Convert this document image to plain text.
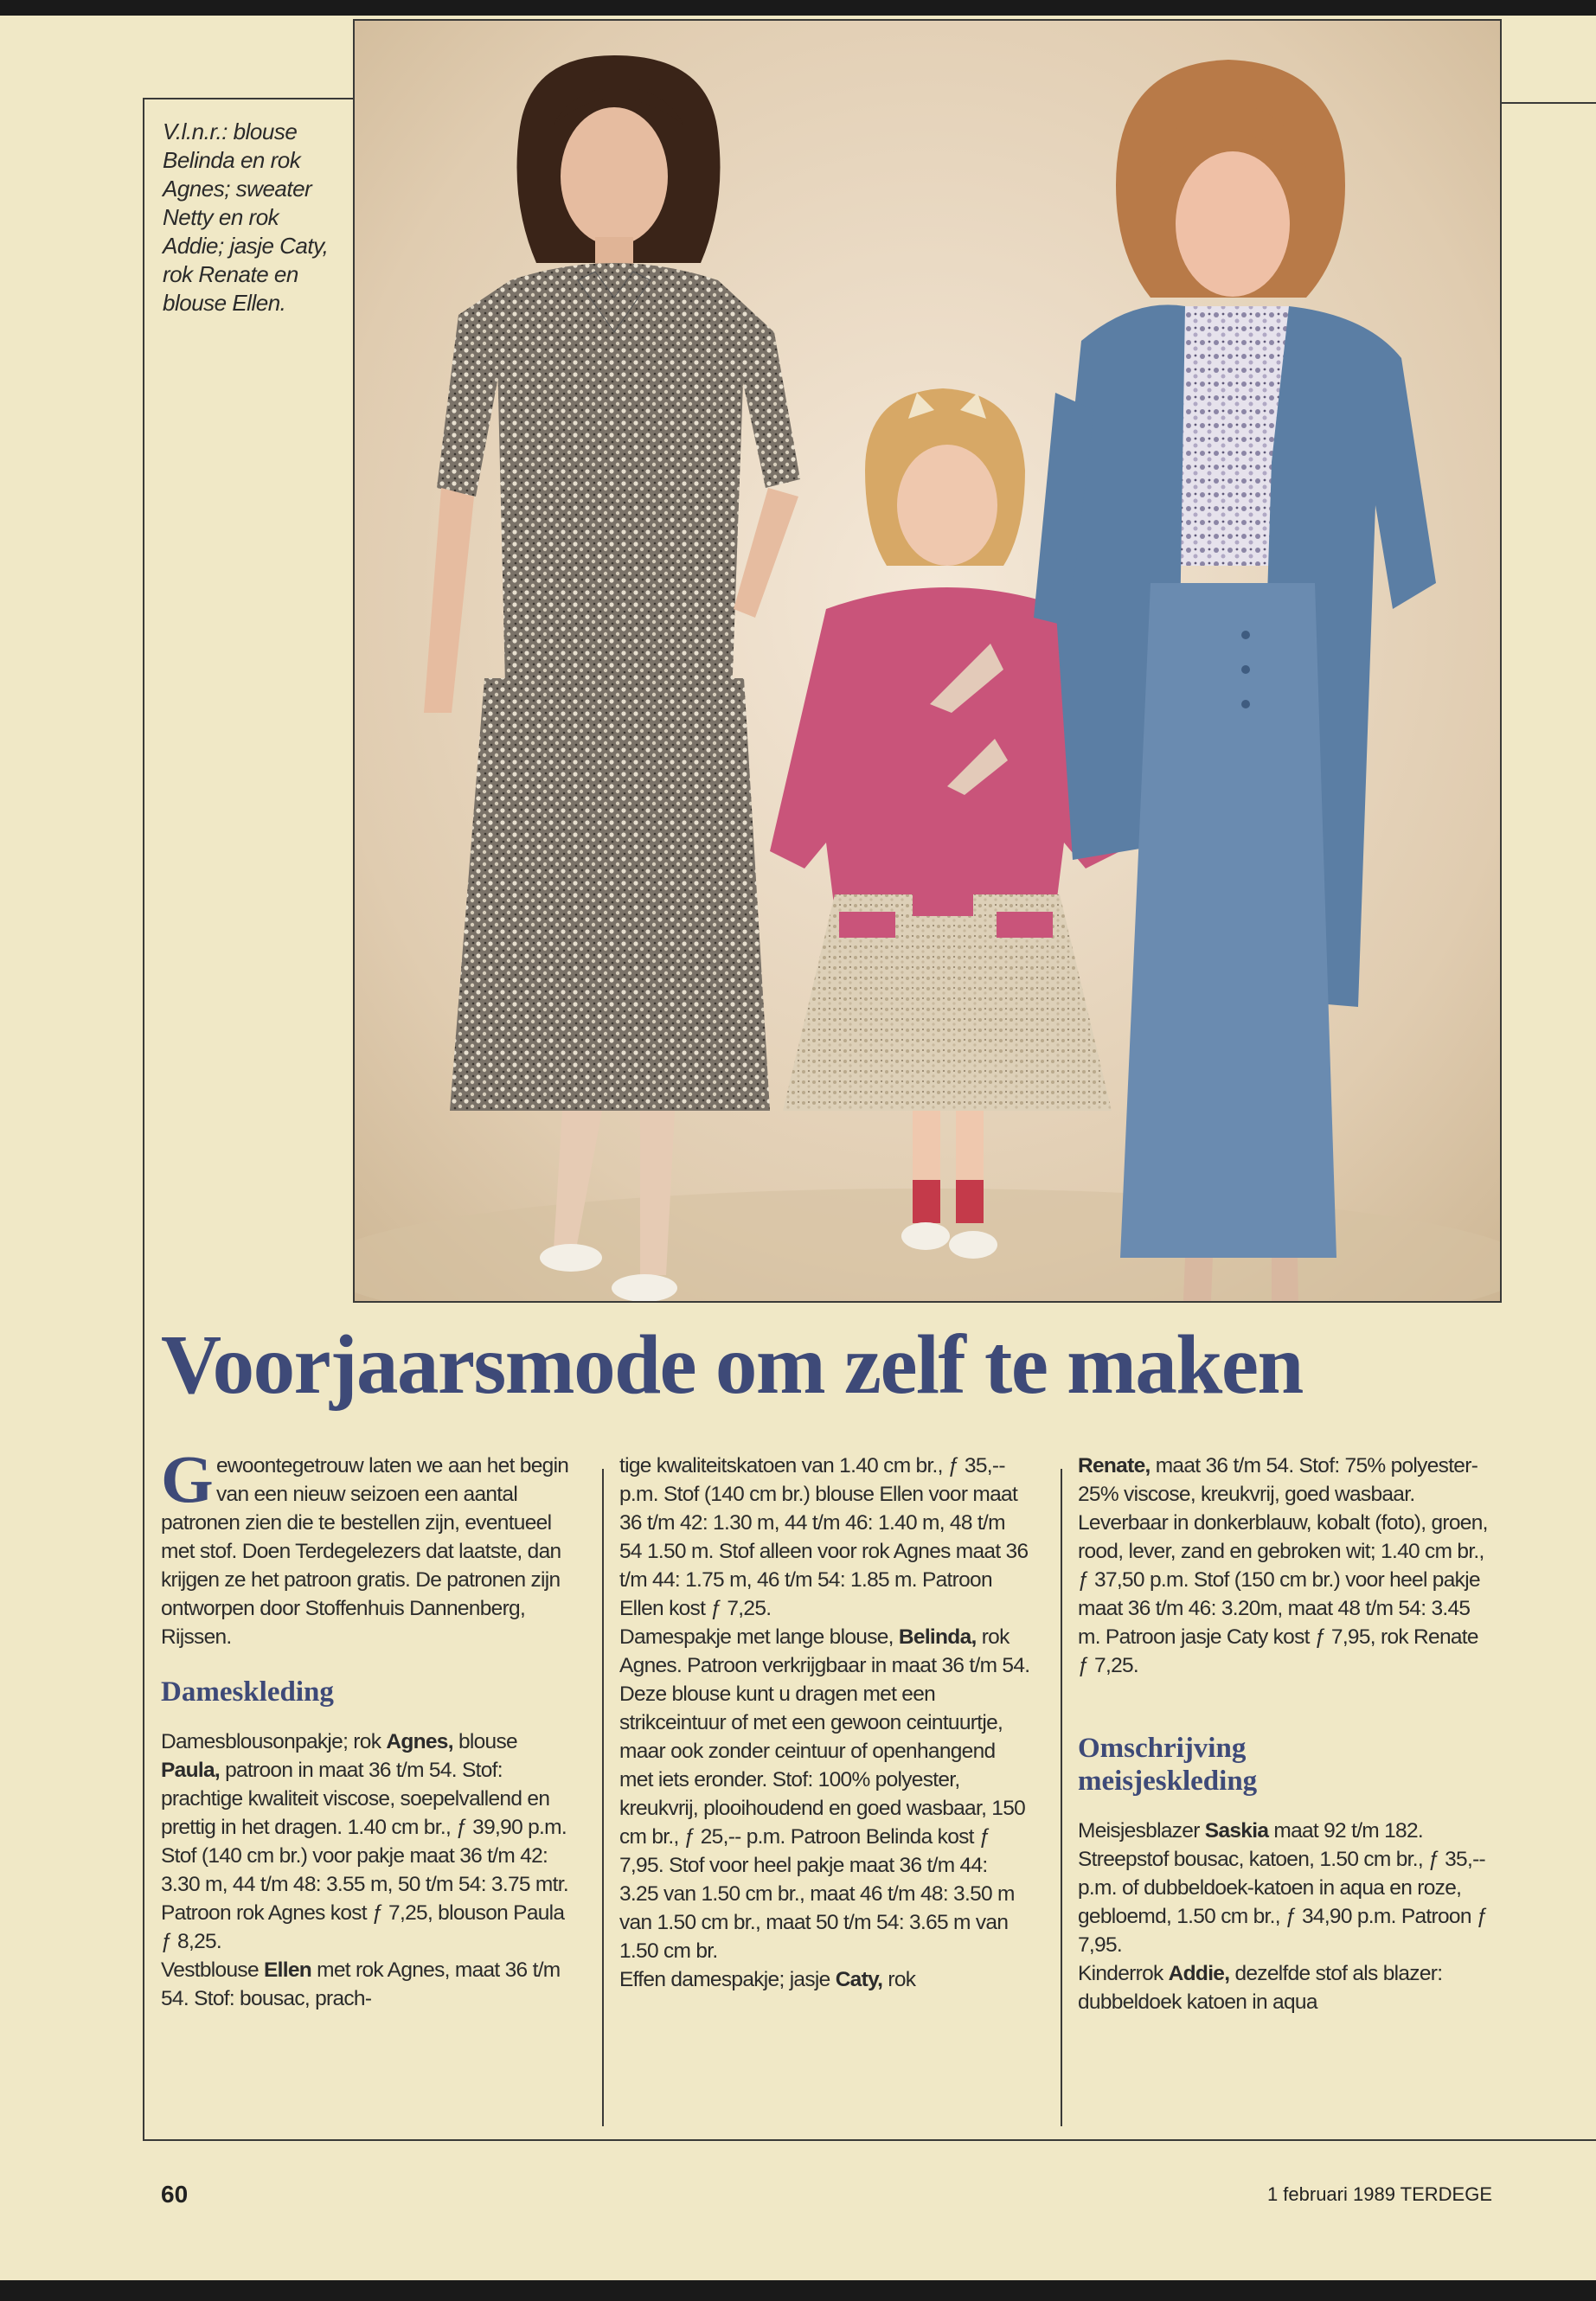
V.l.n.r.: blouse Belinda en rok Agnes; sweater Netty en rok Addie; jasje Caty, rok Renate en blouse Ellen.
Voorjaarsmode om zelf te maken

Gewoontegetrouw laten we aan het begin van een nieuw seizoen een aantal patronen zien die te bestellen zijn, eventueel met stof. Doen Terdegelezers dat laatste, dan krijgen ze het patroon gratis. De patronen zijn ontworpen door Stoffenhuis Dannenberg, Rijssen.

Dameskleding

Damesblousonpakje; rok Agnes, blouse Paula, patroon in maat 36 t/m 54. Stof: prachtige kwaliteit viscose, soepelvallend en prettig in het dragen. 1.40 cm br., ƒ 39,90 p.m. Stof (140 cm br.) voor pakje maat 36 t/m 42: 3.30 m, 44 t/m 48: 3.55 m, 50 t/m 54: 3.75 mtr. Patroon rok Agnes kost ƒ 7,25, blouson Paula ƒ 8,25.

Vestblouse Ellen met rok Agnes, maat 36 t/m 54. Stof: bousac, prach-

tige kwaliteitskatoen van 1.40 cm br., ƒ 35,-- p.m. Stof (140 cm br.) blouse Ellen voor maat 36 t/m 42: 1.30 m, 44 t/m 46: 1.40 m, 48 t/m 54 1.50 m. Stof alleen voor rok Agnes maat 36 t/m 44: 1.75 m, 46 t/m 54: 1.85 m. Patroon Ellen kost ƒ 7,25.

Damespakje met lange blouse, Belinda, rok Agnes. Patroon verkrijgbaar in maat 36 t/m 54. Deze blouse kunt u dragen met een strikceintuur of met een gewoon ceintuurtje, maar ook zonder ceintuur of openhangend met iets eronder. Stof: 100% polyester, kreukvrij, plooihoudend en goed wasbaar, 150 cm br., ƒ 25,-- p.m. Patroon Belinda kost ƒ 7,95. Stof voor heel pakje maat 36 t/m 44: 3.25 van 1.50 cm br., maat 46 t/m 48: 3.50 m van 1.50 cm br., maat 50 t/m 54: 3.65 m van 1.50 cm br.

Effen damespakje; jasje Caty, rok

Renate, maat 36 t/m 54. Stof: 75% polyester-25% viscose, kreukvrij, goed wasbaar. Leverbaar in donkerblauw, kobalt (foto), groen, rood, lever, zand en gebroken wit; 1.40 cm br., ƒ 37,50 p.m. Stof (150 cm br.) voor heel pakje maat 36 t/m 46: 3.20m, maat 48 t/m 54: 3.45 m. Patroon jasje Caty kost ƒ 7,95, rok Renate ƒ 7,25.

Omschrijving meisjeskleding

Meisjesblazer Saskia maat 92 t/m 182. Streepstof bousac, katoen, 1.50 cm br., ƒ 35,-- p.m. of dubbeldoek-katoen in aqua en roze, gebloemd, 1.50 cm br., ƒ 34,90 p.m. Patroon ƒ 7,95.

Kinderrok Addie, dezelfde stof als blazer: dubbeldoek katoen in aqua

60	1 februari 1989 TERDEGE
